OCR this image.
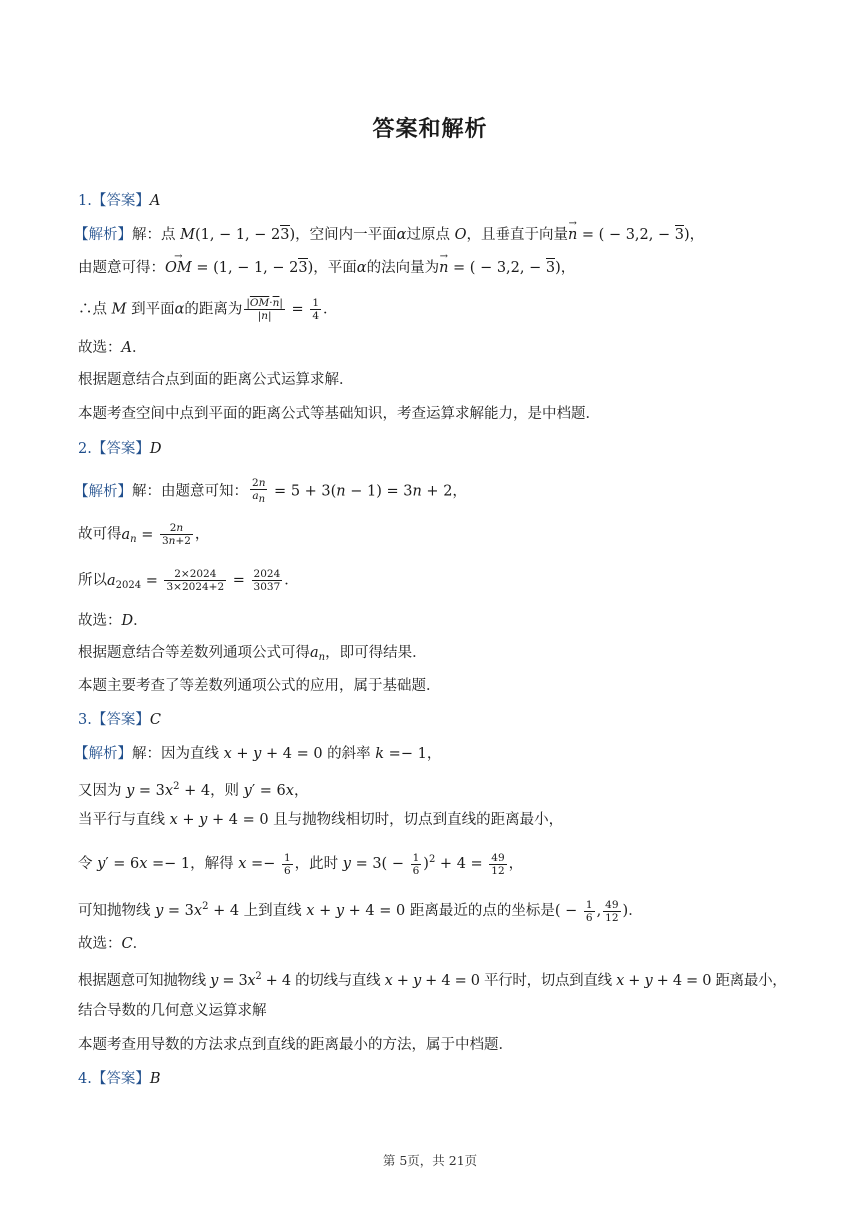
答案和解析
1.【答案】A
【解析】解：点 M(1, − 1, − 23)，空间内一平面α过原点 O，且垂直于向量→ n = ( − 3,2, − 3)，
由题意可得：→ OM = (1, − 1, − 23)，平面α的法向量为→ n = ( − 3,2, − 3)，
∴点 M 到平面α的距离为 $\frac{|\overline{OM}\cdot\overline{n}|}{|\overline{n}|} = \frac{1}{4}$ ．
故选：A．
根据题意结合点到面的距离公式运算求解．
本题考查空间中点到平面的距离公式等基础知识，考查运算求解能力，是中档题．
2.【答案】D
【解析】解：由题意可知： $\frac{2n}{an} = 5 + 3(n - 1) = 3n + 2$，
故可得$a_n = \frac{2n}{3n+2}$ ，
所以$a_{2024} = \frac{2\times 2024}{3\times 2024+2} = \frac{2024}{3037}$ ．
故选：D．
根据题意结合等差数列通项公式可得$a_n$，即可得结果．
本题主要考查了等差数列通项公式的应用，属于基础题．
3.【答案】C
【解析】解：因为直线 x + y + 4 = 0 的斜率 k =− 1，
又因为 $y = 3x^2 + 4$，则 y′ = 6x，
当平行与直线 x + y + 4 = 0 且与抛物线相切时，切点到直线的距离最小，
令 y′ = 6x =− 1，解得 $x =- \frac{1}{6}$ ，此时 $y = 3( - \frac{1}{6} )^2 + 4 = \frac{49}{12}$ ，
可知抛物线 $y = 3x^2 + 4$ 上到直线 x + y + 4 = 0 距离最近的点的坐标是( − $\frac{1}{6}$ , $\frac{49}{12}$ )．
故选：C．
根据题意可知抛物线 $y = 3x^2 + 4$ 的切线与直线 x + y + 4 = 0 平行时，切点到直线 x + y + 4 = 0 距离最小，
结合导数的几何意义运算求解
本题考查用导数的方法求点到直线的距离最小的方法，属于中档题．
4.【答案】B
第 5页，共 21页
